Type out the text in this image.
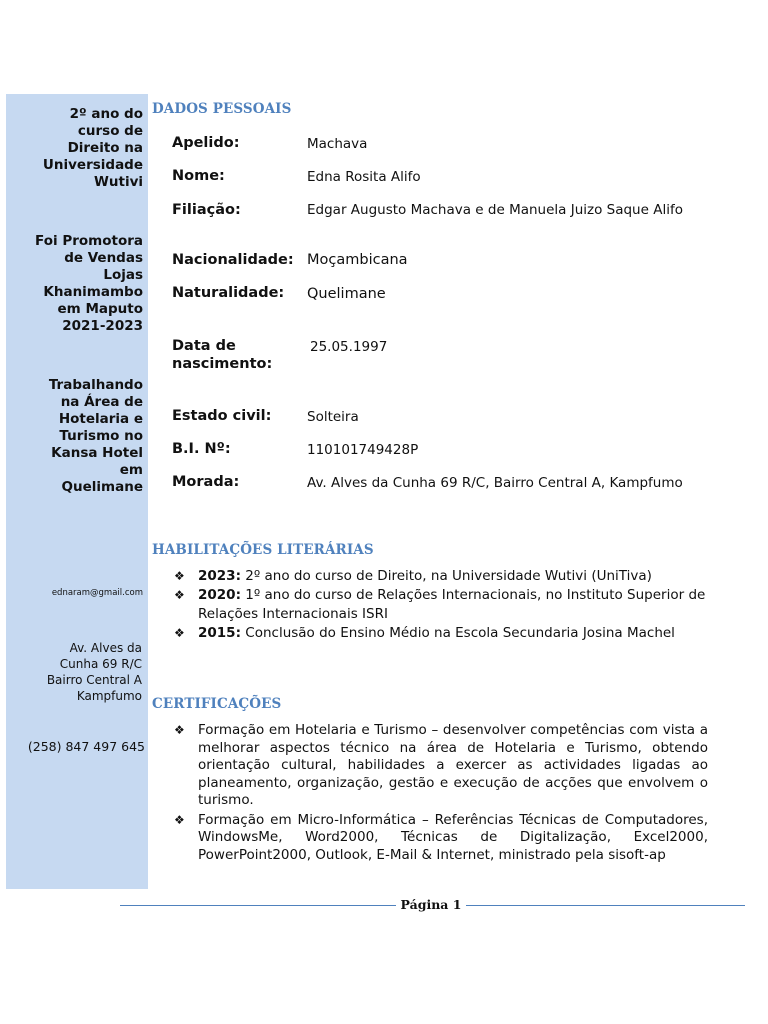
2º ano do
curso de
Direito na
Universidade
Wutivi
Foi Promotora
de Vendas
Lojas
Khanimambo
em Maputo
2021-2023
Trabalhando
na Área de
Hotelaria e
Turismo no
Kansa Hotel
em
Quelimane
ednaram@gmail.com
Av. Alves da
Cunha 69 R/C
Bairro Central A
Kampfumo
(258) 847 497 645
DADOS PESSOAIS
Apelido:	Machava
Nome:	Edna Rosita Alifo
Filiação:	Edgar Augusto Machava e de Manuela Juizo Saque Alifo
Nacionalidade: Moçambicana
Naturalidade:	Quelimane
Data de nascimento:
25.05.1997
Estado civil:	Solteira
B.I. Nº:	110101749428P
Morada:	Av. Alves da Cunha 69 R/C, Bairro Central A, Kampfumo
HABILITAÇÕES LITERÁRIAS
❖ 2023: 2º ano do curso de Direito, na Universidade Wutivi (UniTiva)
❖ 2020: 1º ano do curso de Relações Internacionais, no Instituto Superior de Relações Internacionais ISRI
❖ 2015: Conclusão do Ensino Médio na Escola Secundaria Josina Machel
CERTIFICAÇÕES
❖ Formação em Hotelaria e Turismo – desenvolver competências com vista a melhorar aspectos técnico na área de Hotelaria e Turismo, obtendo orientação cultural, habilidades a exercer as actividades ligadas ao planeamento, organização, gestão e execução de acções que envolvem o turismo.
❖ Formação em Micro-Informática – Referências Técnicas de Computadores, WindowsMe, Word2000, Técnicas de Digitalização, Excel2000, PowerPoint2000, Outlook, E-Mail & Internet, ministrado pela sisoft-ap
Página 1
